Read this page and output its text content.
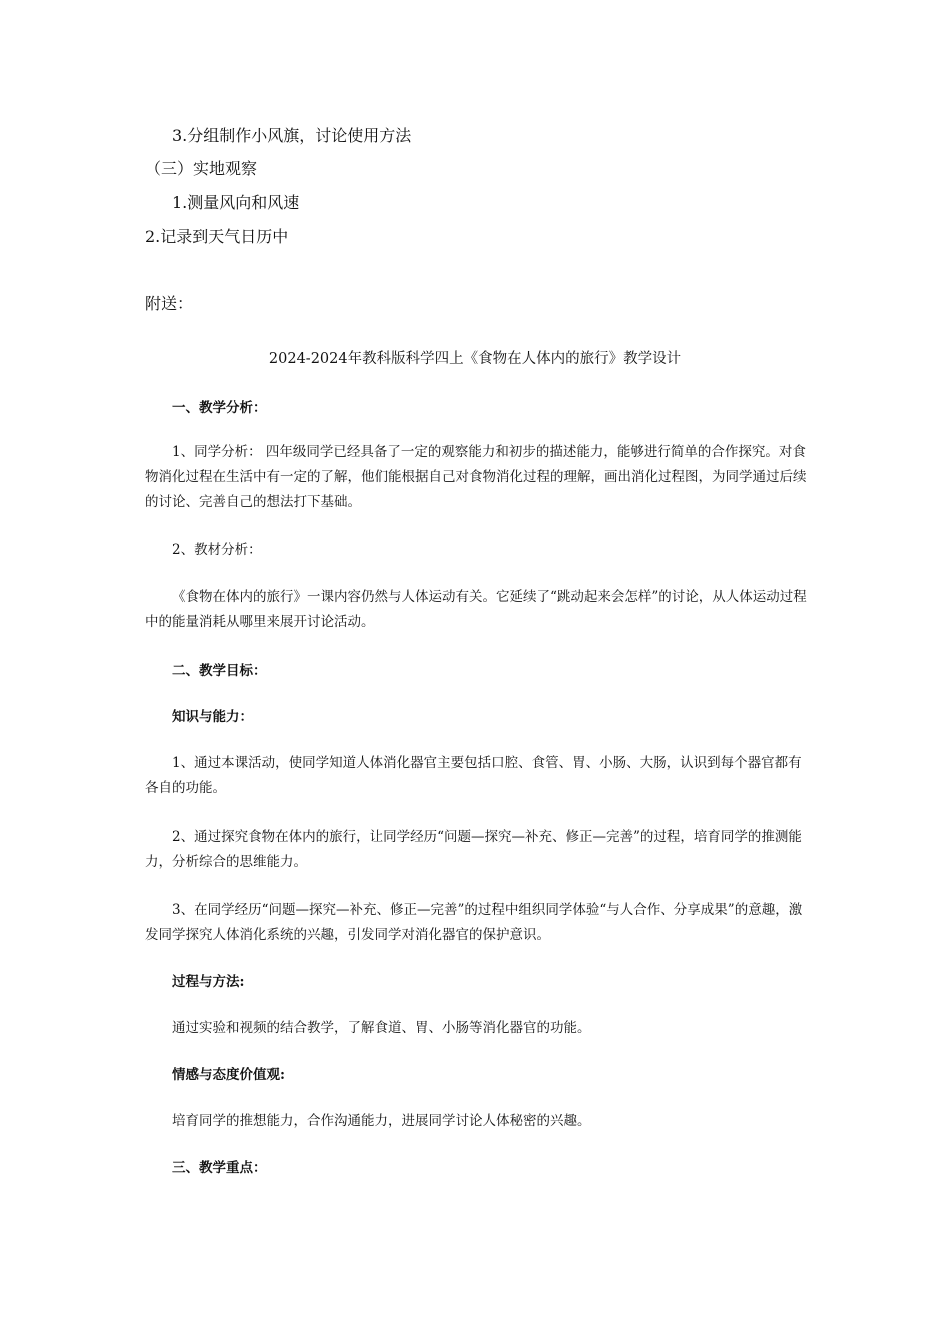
3.分组制作小风旗，讨论使用方法
（三）实地观察
1.测量风向和风速
2.记录到天气日历中
附送：
2024-2024年教科版科学四上《食物在人体内的旅行》教学设计
一、教学分析：
1、同学分析： 四年级同学已经具备了一定的观察能力和初步的描述能力，能够进行简单的合作探究。对食物消化过程在生活中有一定的了解，他们能根据自己对食物消化过程的理解，画出消化过程图，为同学通过后续的讨论、完善自己的想法打下基础。
2、教材分析：
《食物在体内的旅行》一课内容仍然与人体运动有关。它延续了“跳动起来会怎样”的讨论，从人体运动过程中的能量消耗从哪里来展开讨论活动。
二、教学目标：
知识与能力：
1、通过本课活动，使同学知道人体消化器官主要包括口腔、食管、胃、小肠、大肠，认识到每个器官都有各自的功能。
2、通过探究食物在体内的旅行，让同学经历“问题—探究—补充、修正—完善”的过程，培育同学的推测能力，分析综合的思维能力。
3、在同学经历“问题—探究—补充、修正—完善”的过程中组织同学体验“与人合作、分享成果”的意趣，激发同学探究人体消化系统的兴趣，引发同学对消化器官的保护意识。
过程与方法:
通过实验和视频的结合教学，了解食道、胃、小肠等消化器官的功能。
情感与态度价值观:
培育同学的推想能力，合作沟通能力，进展同学讨论人体秘密的兴趣。
三、教学重点：
